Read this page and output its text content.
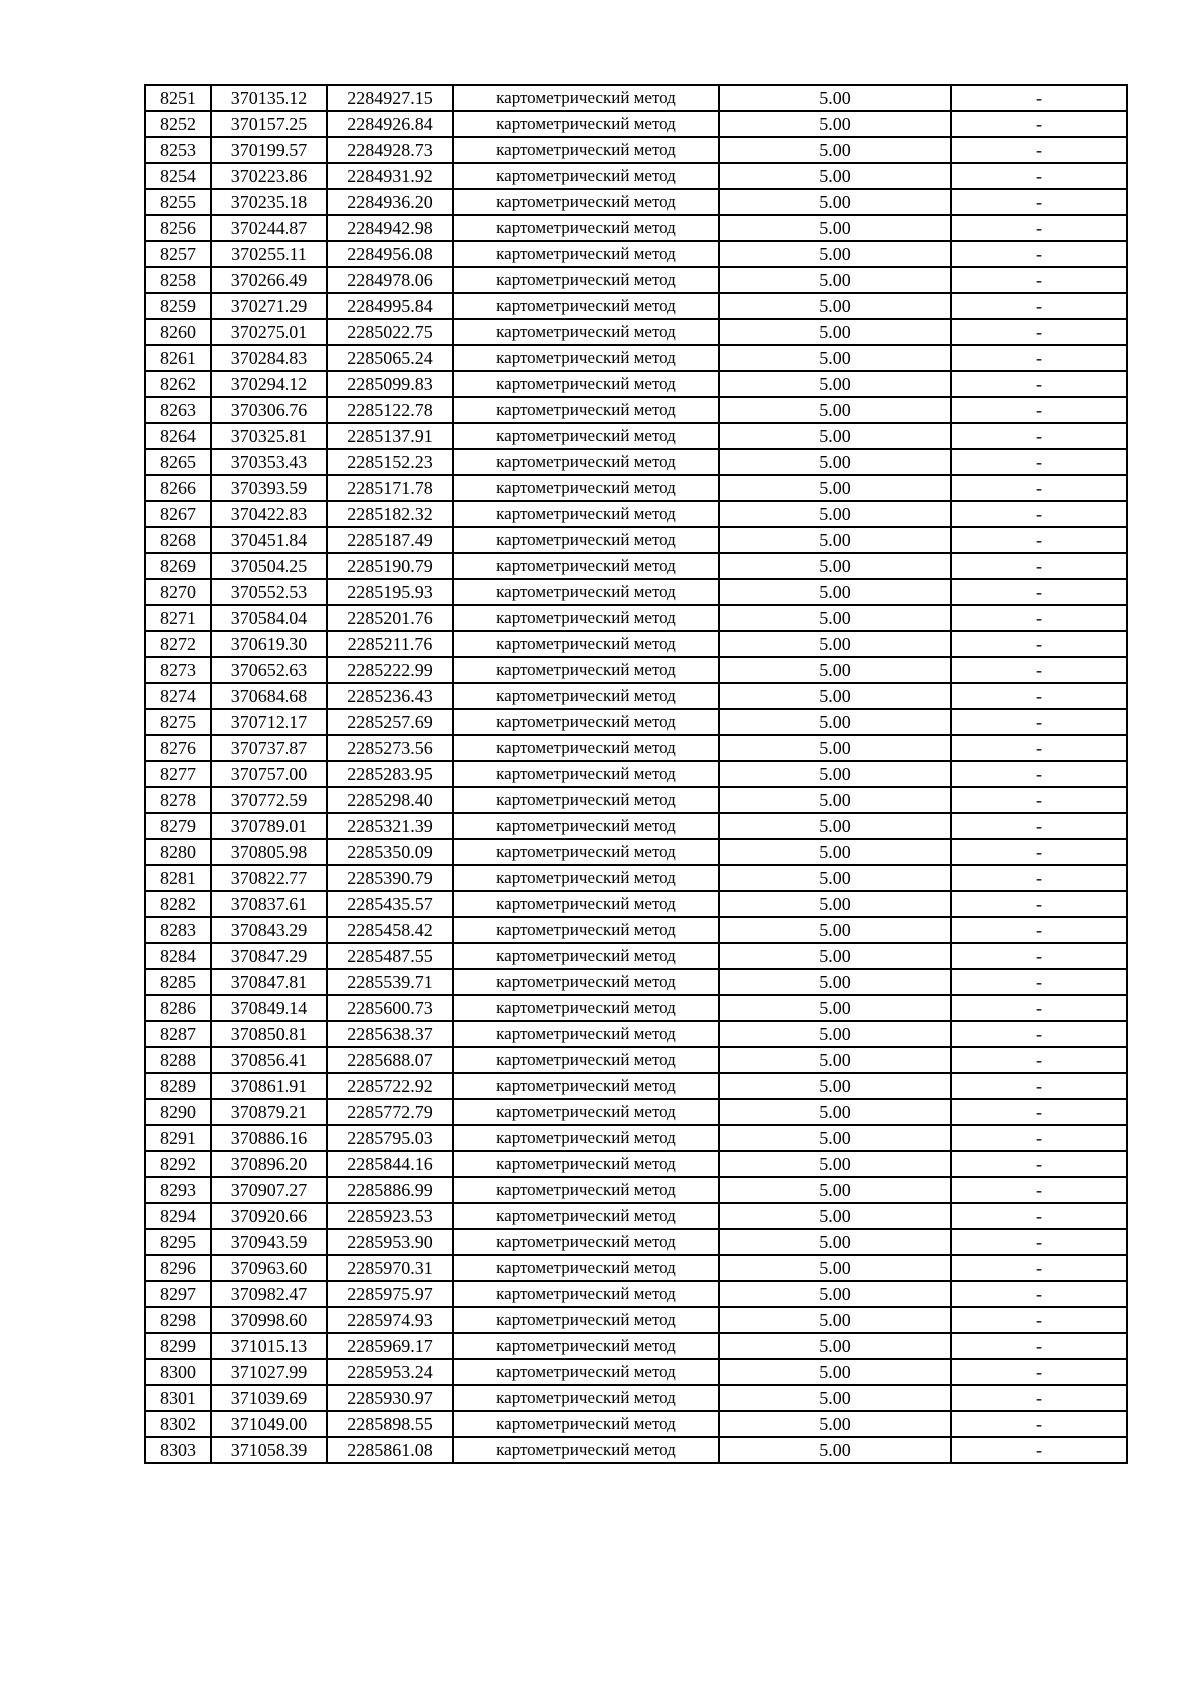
8251	370135.12	2284927.15	картометрический метод	5.00	-
8252	370157.25	2284926.84	картометрический метод	5.00	-
8253	370199.57	2284928.73	картометрический метод	5.00	-
8254	370223.86	2284931.92	картометрический метод	5.00	-
8255	370235.18	2284936.20	картометрический метод	5.00	-
8256	370244.87	2284942.98	картометрический метод	5.00	-
8257	370255.11	2284956.08	картометрический метод	5.00	-
8258	370266.49	2284978.06	картометрический метод	5.00	-
8259	370271.29	2284995.84	картометрический метод	5.00	-
8260	370275.01	2285022.75	картометрический метод	5.00	-
8261	370284.83	2285065.24	картометрический метод	5.00	-
8262	370294.12	2285099.83	картометрический метод	5.00	-
8263	370306.76	2285122.78	картометрический метод	5.00	-
8264	370325.81	2285137.91	картометрический метод	5.00	-
8265	370353.43	2285152.23	картометрический метод	5.00	-
8266	370393.59	2285171.78	картометрический метод	5.00	-
8267	370422.83	2285182.32	картометрический метод	5.00	-
8268	370451.84	2285187.49	картометрический метод	5.00	-
8269	370504.25	2285190.79	картометрический метод	5.00	-
8270	370552.53	2285195.93	картометрический метод	5.00	-
8271	370584.04	2285201.76	картометрический метод	5.00	-
8272	370619.30	2285211.76	картометрический метод	5.00	-
8273	370652.63	2285222.99	картометрический метод	5.00	-
8274	370684.68	2285236.43	картометрический метод	5.00	-
8275	370712.17	2285257.69	картометрический метод	5.00	-
8276	370737.87	2285273.56	картометрический метод	5.00	-
8277	370757.00	2285283.95	картометрический метод	5.00	-
8278	370772.59	2285298.40	картометрический метод	5.00	-
8279	370789.01	2285321.39	картометрический метод	5.00	-
8280	370805.98	2285350.09	картометрический метод	5.00	-
8281	370822.77	2285390.79	картометрический метод	5.00	-
8282	370837.61	2285435.57	картометрический метод	5.00	-
8283	370843.29	2285458.42	картометрический метод	5.00	-
8284	370847.29	2285487.55	картометрический метод	5.00	-
8285	370847.81	2285539.71	картометрический метод	5.00	-
8286	370849.14	2285600.73	картометрический метод	5.00	-
8287	370850.81	2285638.37	картометрический метод	5.00	-
8288	370856.41	2285688.07	картометрический метод	5.00	-
8289	370861.91	2285722.92	картометрический метод	5.00	-
8290	370879.21	2285772.79	картометрический метод	5.00	-
8291	370886.16	2285795.03	картометрический метод	5.00	-
8292	370896.20	2285844.16	картометрический метод	5.00	-
8293	370907.27	2285886.99	картометрический метод	5.00	-
8294	370920.66	2285923.53	картометрический метод	5.00	-
8295	370943.59	2285953.90	картометрический метод	5.00	-
8296	370963.60	2285970.31	картометрический метод	5.00	-
8297	370982.47	2285975.97	картометрический метод	5.00	-
8298	370998.60	2285974.93	картометрический метод	5.00	-
8299	371015.13	2285969.17	картометрический метод	5.00	-
8300	371027.99	2285953.24	картометрический метод	5.00	-
8301	371039.69	2285930.97	картометрический метод	5.00	-
8302	371049.00	2285898.55	картометрический метод	5.00	-
8303	371058.39	2285861.08	картометрический метод	5.00	-
